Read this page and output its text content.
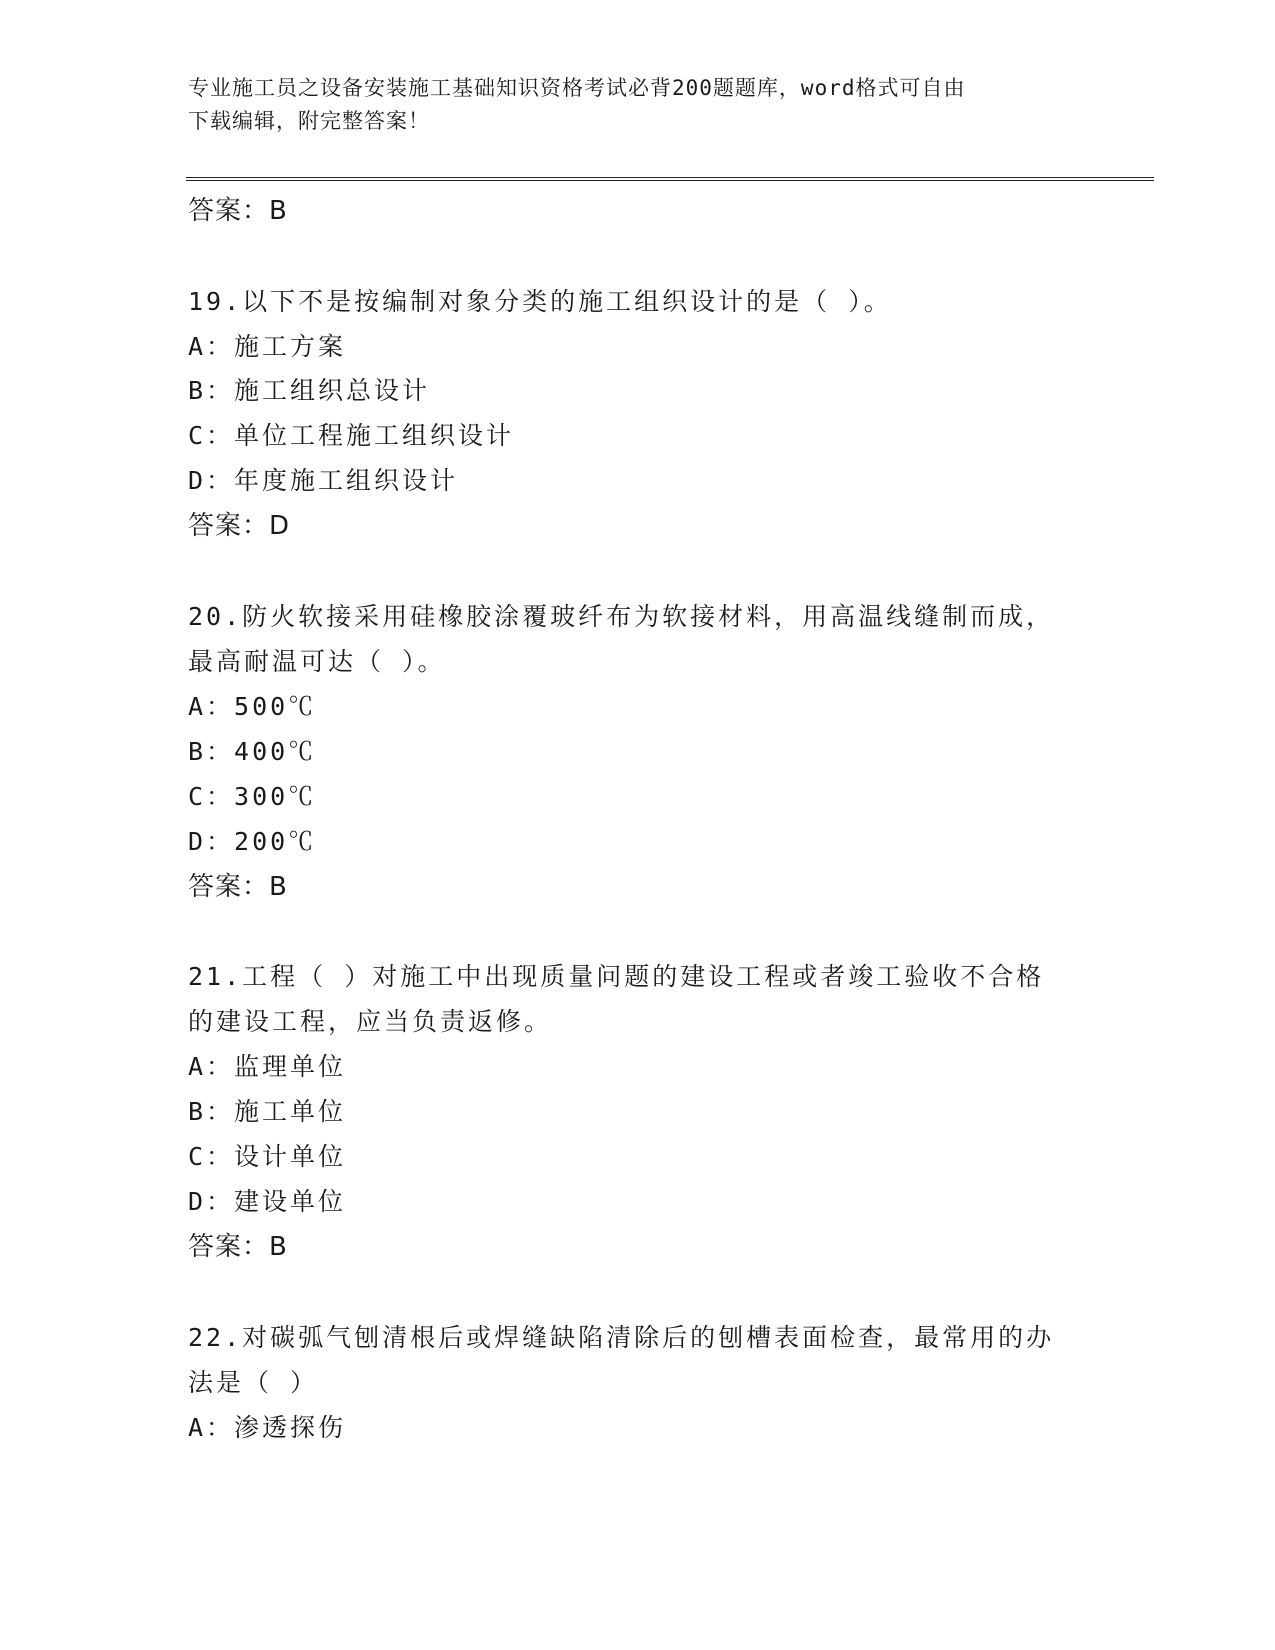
专业施工员之设备安装施工基础知识资格考试必背200题题库，word格式可自由
下载编辑，附完整答案！
答案：B
19.以下不是按编制对象分类的施工组织设计的是（ ）。
A：施工方案
B：施工组织总设计
C：单位工程施工组织设计
D：年度施工组织设计
答案：D
20.防火软接采用硅橡胶涂覆玻纤布为软接材料，用高温线缝制而成，
最高耐温可达（ ）。
A：500℃
B：400℃
C：300℃
D：200℃
答案：B
21.工程（ ）对施工中出现质量问题的建设工程或者竣工验收不合格
的建设工程，应当负责返修。
A：监理单位
B：施工单位
C：设计单位
D：建设单位
答案：B
22.对碳弧气刨清根后或焊缝缺陷清除后的刨槽表面检查，最常用的办
法是（ ）
A：渗透探伤
